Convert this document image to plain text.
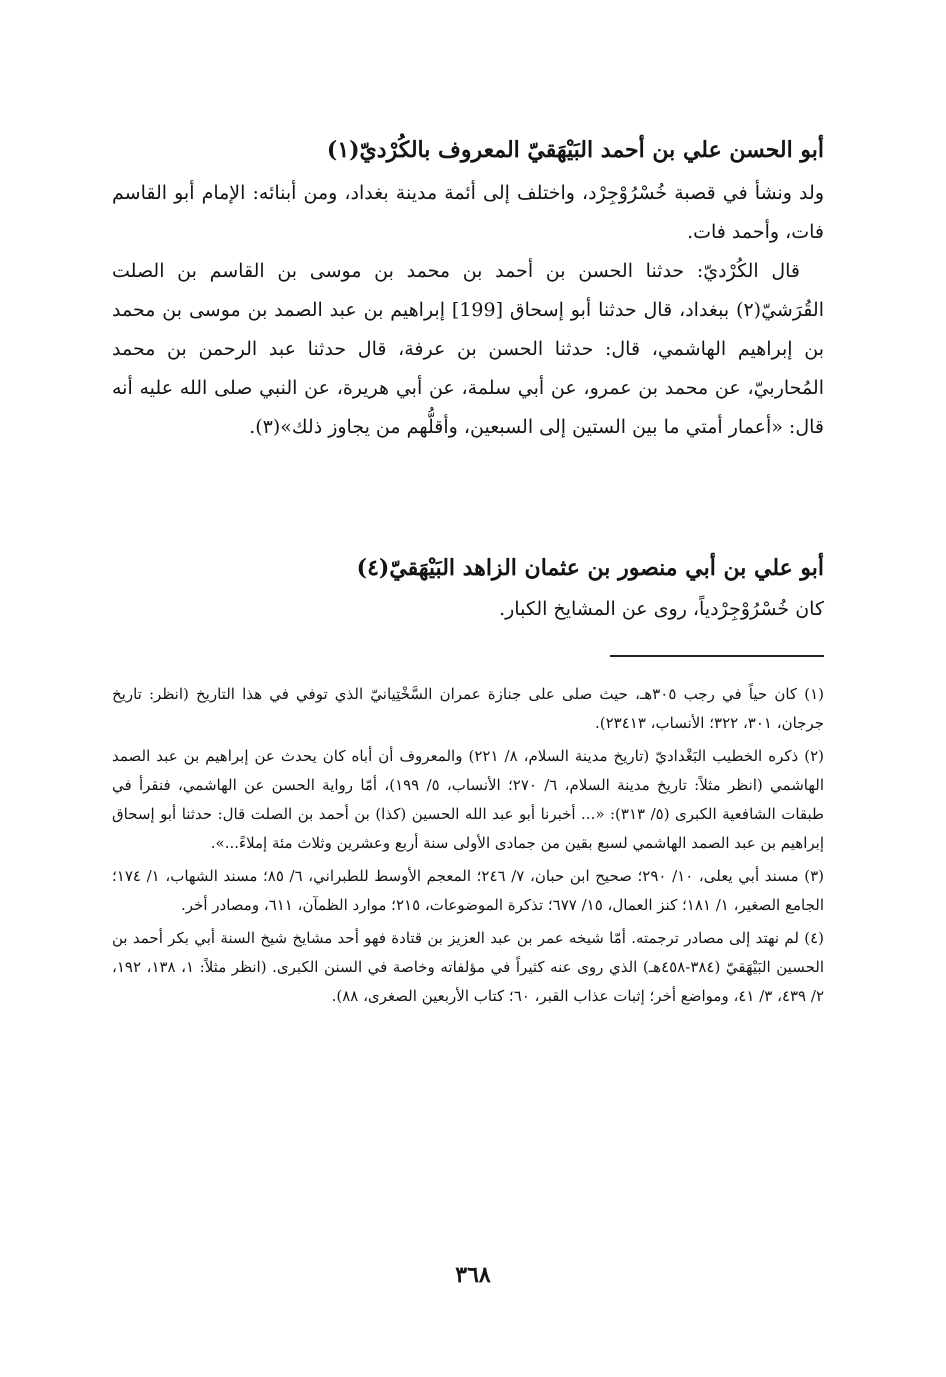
أبو الحسن علي بن أحمد البَيْهَقيّ المعروف بالكُرْديّ(١)

ولد ونشأ في قصبة خُسْرُوْجِرْد، واختلف إلى أئمة مدينة بغداد، ومن أبنائه: الإمام أبو القاسم فات، وأحمد فات.

قال الكُرْديّ: حدثنا الحسن بن أحمد بن محمد بن موسى بن القاسم بن الصلت القُرَشيّ(٢) ببغداد، قال حدثنا أبو إسحاق [199] إبراهيم بن عبد الصمد بن موسى بن محمد بن إبراهيم الهاشمي، قال: حدثنا الحسن بن عرفة، قال حدثنا عبد الرحمن بن محمد المُحاربيّ، عن محمد بن عمرو، عن أبي سلمة، عن أبي هريرة، عن النبي صلى الله عليه أنه قال: «أعمار أمتي ما بين الستين إلى السبعين، وأقلُّهم من يجاوز ذلك»(٣).

أبو علي بن أبي منصور بن عثمان الزاهد البَيْهَقيّ(٤)

كان خُسْرُوْجِرْدياً، روى عن المشايخ الكبار.

(١) كان حياً في رجب ٣٠٥هـ، حيث صلى على جنازة عمران السَّخْتِيانيّ الذي توفي في هذا التاريخ (انظر: تاريخ جرجان، ٣٠١، ٣٢٢؛ الأنساب، ٢٣٤١٣).

(٢) ذكره الخطيب البَغْداديّ (تاريخ مدينة السلام، ٨/ ٢٢١) والمعروف أن أباه كان يحدث عن إبراهيم بن عبد الصمد الهاشمي (انظر مثلاً: تاريخ مدينة السلام، ٦/ ٢٧٠؛ الأنساب، ٥/ ١٩٩)، أمّا رواية الحسن عن الهاشمي، فنقرأ في طبقات الشافعية الكبرى (٥/ ٣١٣): «... أخبرنا أبو عبد الله الحسين (كذا) بن أحمد بن الصلت قال: حدثنا أبو إسحاق إبراهيم بن عبد الصمد الهاشمي لسبع بقين من جمادى الأولى سنة أربع وعشرين وثلاث مئة إملاءً...».

(٣) مسند أبي يعلى، ١٠/ ٢٩٠؛ صحيح ابن حبان، ٧/ ٢٤٦؛ المعجم الأوسط للطبراني، ٦/ ٨٥؛ مسند الشهاب، ١/ ١٧٤؛ الجامع الصغير، ١/ ١٨١؛ كنز العمال، ١٥/ ٦٧٧؛ تذكرة الموضوعات، ٢١٥؛ موارد الظمآن، ٦١١، ومصادر أخر.

(٤) لم نهتد إلى مصادر ترجمته. أمّا شيخه عمر بن عبد العزيز بن قتادة فهو أحد مشايخ شيخ السنة أبي بكر أحمد بن الحسين البَيْهَقيّ (٣٨٤-٤٥٨هـ) الذي روى عنه كثيراً في مؤلفاته وخاصة في السنن الكبرى. (انظر مثلاً: ١، ١٣٨، ١٩٢، ٢/ ٤٣٩، ٣/ ٤١، ومواضع أخر؛ إثبات عذاب القبر، ٦٠؛ كتاب الأربعين الصغرى، ٨٨).

٣٦٨
